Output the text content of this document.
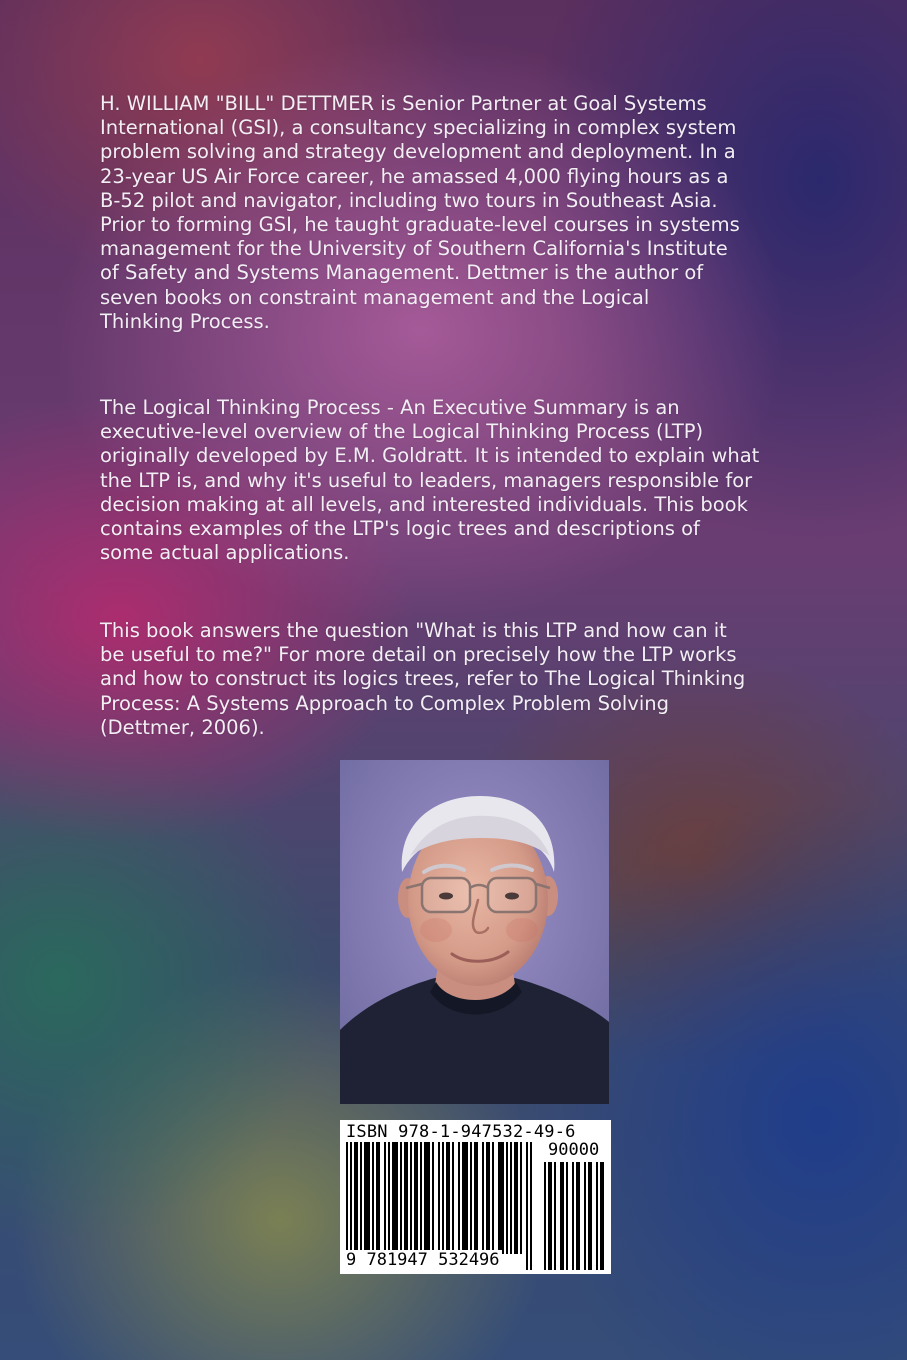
H. WILLIAM "BILL" DETTMER is Senior Partner at Goal Systems
International (GSI), a consultancy specializing in complex system
problem solving and strategy development and deployment. In a
23-year US Air Force career, he amassed 4,000 flying hours as a
B-52 pilot and navigator, including two tours in Southeast Asia.
Prior to forming GSI, he taught graduate-level courses in systems
management for the University of Southern California's Institute
of Safety and Systems Management. Dettmer is the author of
seven books on constraint management and the Logical
Thinking Process.

The Logical Thinking Process - An Executive Summary is an
executive-level overview of the Logical Thinking Process (LTP)
originally developed by E.M. Goldratt. It is intended to explain what
the LTP is, and why it's useful to leaders, managers responsible for
decision making at all levels, and interested individuals. This book
contains examples of the LTP's logic trees and descriptions of
some actual applications.

This book answers the question "What is this LTP and how can it
be useful to me?" For more detail on precisely how the LTP works
and how to construct its logics trees, refer to The Logical Thinking
Process: A Systems Approach to Complex Problem Solving
(Dettmer, 2006).

ISBN 978-1-947532-49-6
90000
9 781947 532496
